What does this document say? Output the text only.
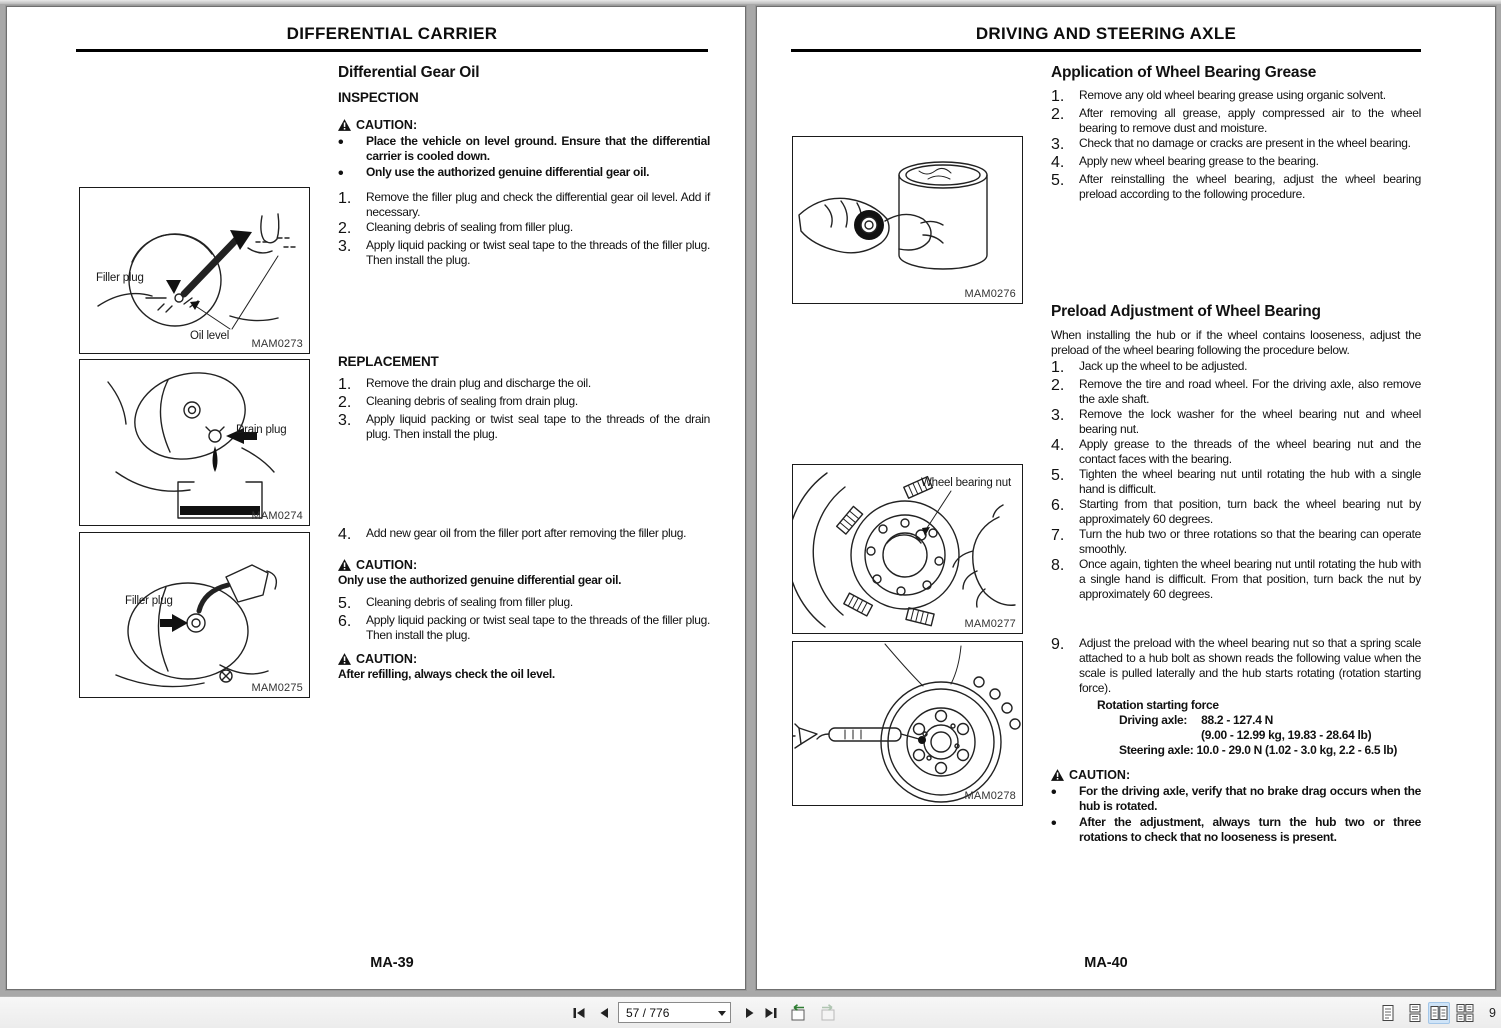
DIFFERENTIAL CARRIER
Filler plug
Oil level
MAM0273
Drain plug
MAM0274
Filler plug
MAM0275
Differential Gear Oil
INSPECTION
CAUTION:
• Place the vehicle on level ground. Ensure that the differential carrier is cooled down.
• Only use the authorized genuine differential gear oil.
1.	Remove the filler plug and check the differential gear oil level. Add if necessary.
2.	Cleaning debris of sealing from filler plug.
3.	Apply liquid packing or twist seal tape to the threads of the filler plug. Then install the plug.
REPLACEMENT
1.	Remove the drain plug and discharge the oil.
2.	Cleaning debris of sealing from drain plug.
3.	Apply liquid packing or twist seal tape to the threads of the drain plug. Then install the plug.
4.	Add new gear oil from the filler port after removing the filler plug.
CAUTION:
Only use the authorized genuine differential gear oil.
5.	Cleaning debris of sealing from filler plug.
6.	Apply liquid packing or twist seal tape to the threads of the filler plug. Then install the plug.
CAUTION:
After refilling, always check the oil level.
MA-39
DRIVING AND STEERING AXLE
MAM0276
Wheel bearing nut
MAM0277
MAM0278
Application of Wheel Bearing Grease
1.	Remove any old wheel bearing grease using organic solvent.
2.	After removing all grease, apply compressed air to the wheel bearing to remove dust and moisture.
3.	Check that no damage or cracks are present in the wheel bearing.
4.	Apply new wheel bearing grease to the bearing.
5.	After reinstalling the wheel bearing, adjust the wheel bearing preload according to the following procedure.
Preload Adjustment of Wheel Bearing
When installing the hub or if the wheel contains looseness, adjust the preload of the wheel bearing following the procedure below.
1.	Jack up the wheel to be adjusted.
2.	Remove the tire and road wheel. For the driving axle, also remove the axle shaft.
3.	Remove the lock washer for the wheel bearing nut and wheel bearing nut.
4.	Apply grease to the threads of the wheel bearing nut and the contact faces with the bearing.
5.	Tighten the wheel bearing nut until rotating the hub with a single hand is difficult.
6.	Starting from that position, turn back the wheel bearing nut by approximately 60 degrees.
7.	Turn the hub two or three rotations so that the bearing can operate smoothly.
8.	Once again, tighten the wheel bearing nut until rotating the hub with a single hand is difficult. From that position, turn back the nut by approximately 60 degrees.
9.	Adjust the preload with the wheel bearing nut so that a spring scale attached to a hub bolt as shown reads the following value when the scale is pulled laterally and the hub starts rotating (rotation starting force).
Rotation starting force
Driving axle: 88.2 - 127.4 N
(9.00 - 12.99 kg, 19.83 - 28.64 lb)
Steering axle: 10.0 - 29.0 N (1.02 - 3.0 kg, 2.2 - 6.5 lb)
CAUTION:
• For the driving axle, verify that no brake drag occurs when the hub is rotated.
• After the adjustment, always turn the hub two or three rotations to check that no looseness is present.
MA-40
57 / 776
9
